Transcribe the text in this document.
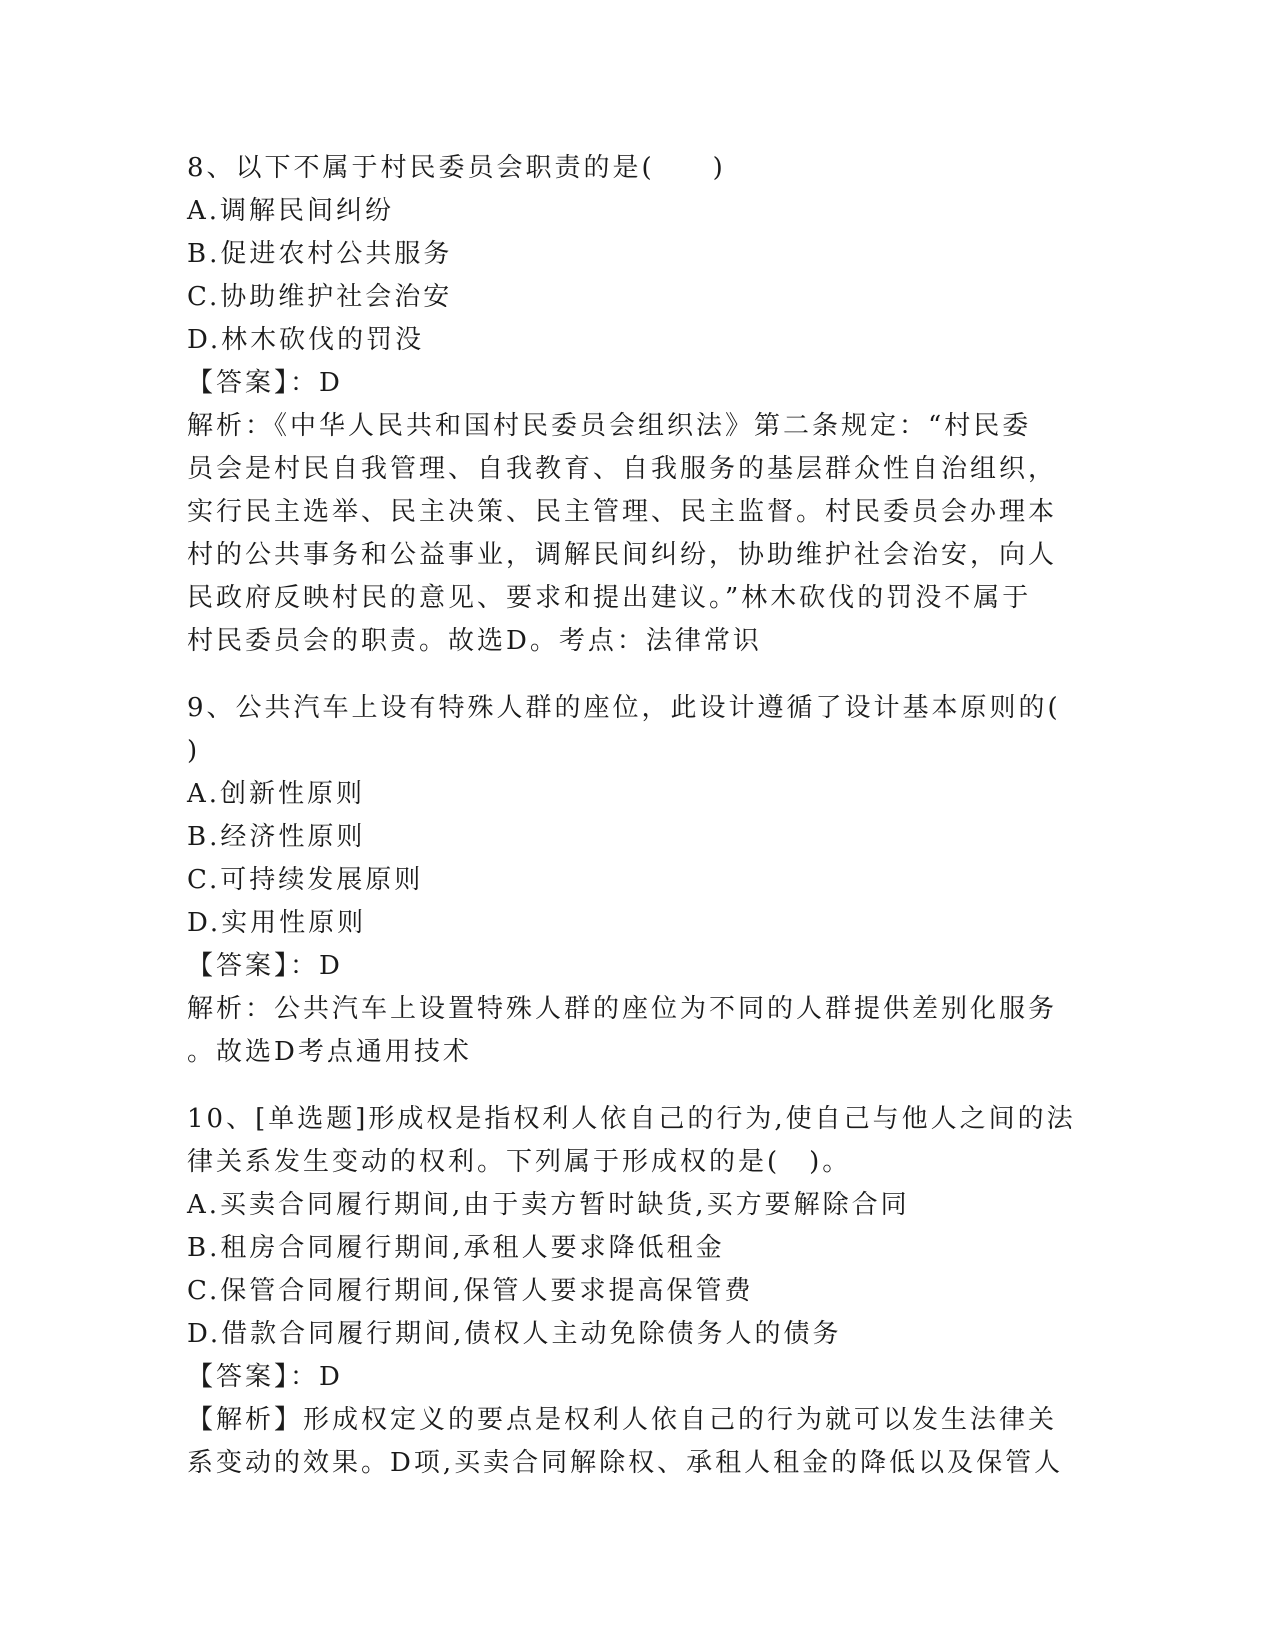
8、以下不属于村民委员会职责的是(　　)
A.调解民间纠纷
B.促进农村公共服务
C.协助维护社会治安
D.林木砍伐的罚没
【答案】：D
解析：《中华人民共和国村民委员会组织法》第二条规定：“村民委
员会是村民自我管理、自我教育、自我服务的基层群众性自治组织，
实行民主选举、民主决策、民主管理、民主监督。村民委员会办理本
村的公共事务和公益事业，调解民间纠纷，协助维护社会治安，向人
民政府反映村民的意见、要求和提出建议。”林木砍伐的罚没不属于
村民委员会的职责。故选D。考点：法律常识
9、公共汽车上设有特殊人群的座位，此设计遵循了设计基本原则的(
)
A.创新性原则
B.经济性原则
C.可持续发展原则
D.实用性原则
【答案】：D
解析：公共汽车上设置特殊人群的座位为不同的人群提供差别化服务
。故选D考点通用技术
10、[单选题]形成权是指权利人依自己的行为,使自己与他人之间的法
律关系发生变动的权利。下列属于形成权的是(　)。
A.买卖合同履行期间,由于卖方暂时缺货,买方要解除合同
B.租房合同履行期间,承租人要求降低租金
C.保管合同履行期间,保管人要求提高保管费
D.借款合同履行期间,债权人主动免除债务人的债务
【答案】：D
【解析】形成权定义的要点是权利人依自己的行为就可以发生法律关
系变动的效果。D项,买卖合同解除权、承租人租金的降低以及保管人
